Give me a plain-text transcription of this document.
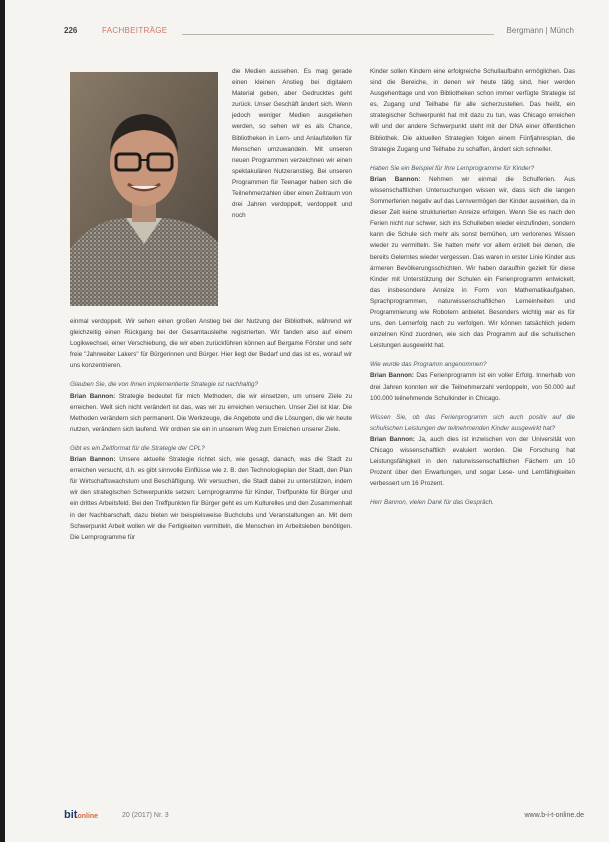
226	FACHBEITRÄGE	Bergmann | Münch

die Medien aussehen. Es mag gerade einen kleinen Anstieg bei digitalem Material geben, aber Gedrucktes geht zurück. Unser Geschäft ändert sich. Wenn jedoch weniger Medien ausgeliehen werden, so sehen wir es als Chance, Bibliotheken in Lern- und Anlaufstellen für Menschen umzuwandeln. Mit unseren neuen Programmen verzeichnen wir einen spektakulären Nutzeranstieg. Bei unseren Programmen für Teenager haben sich die Teilnehmerzahlen über einen Zeitraum von drei Jahren verdoppelt, verdoppelt und noch

einmal verdoppelt. Wir sehen einen großen Anstieg bei der Nutzung der Bibliothek, während wir gleichzeitig einen Rückgang bei der Gesamtausleihe registrierten. Wir fanden also auf einem Logikwechsel, einer Verschiebung, die wir eben zurückführen können auf Bergame Förster und sehr freie "Jahrweiter Lakers" für Bürgerinnen und Bürger. Hier liegt der Bedarf und das ist es, worauf wir uns konzentrieren.

Glauben Sie, die von Ihnen implementierte Strategie ist nachhaltig?

Brian Bannon: Strategie bedeutet für mich Methoden, die wir einsetzen, um unsere Ziele zu erreichen. Welt sich nicht verändert ist das, was wir zu erreichen versuchen. Unser Ziel ist klar. Die Methoden verändern sich permanent. Die Werkzeuge, die Angebote und die Lösungen, die wir heute nutzen, verändern sich laufend. Wir ordnen sie ein in unserem Weg zum Erreichen unserer Ziele.

Gibt es ein Zeitformat für die Strategie der CPL?

Brian Bannon: Unsere aktuelle Strategie richtet sich, wie gesagt, danach, was die Stadt zu erreichen versucht, d.h. es gibt sinnvolle Einflüsse wie z. B. den Technologieplan der Stadt, den Plan für Wirtschaftswachstum und Beschäftigung. Wir versuchen, die Stadt dabei zu unterstützen, indem wir den strategischen Schwerpunkte setzen: Lernprogramme für Kinder, Treffpunkte für Bürger und ein drittes Arbeitsfeld. Bei den Treffpunkten für Bürger geht es um Kulturelles und den Zusammenhalt in der Nachbarschaft, dazu bieten wir beispielsweise Buchclubs und Veranstaltungen an. Mit dem Schwerpunkt Arbeit wollen wir die Fertigkeiten vermitteln, die Menschen im Arbeitsleben benötigen. Die Lernprogramme für

Kinder sollen Kindern eine erfolgreiche Schullaufbahn ermöglichen. Das sind die Bereiche, in denen wir heute tätig sind, hier werden Ausgehenttage und von Bibliotheken schon immer verfügte Strategie ist es, Zugang und Teilhabe für alle sicherzustellen. Das heißt, ein strategischer Schwerpunkt hat mit dazu zu tun, was Chicago erreichen will und der andere Schwerpunkt steht mit der DNA einer öffentlichen Bibliothek. Die aktuellen Strategien folgen einem Fünfjahresplan, die Strategie Zugang und Teilhabe zu schaffen, ändert sich schneller.

Haben Sie ein Beispiel für Ihre Lernprogramme für Kinder?

Brian Bannon: Nehmen wir einmal die Schulferien. Aus wissenschaftlichen Untersuchungen wissen wir, dass sich die langen Sommerferien negativ auf das Lernvermögen der Kinder auswirken, da in dieser Zeit keine strukturierten Anreize erfolgen. Wenn Sie es nach den Ferien nicht nur schwer, sich ins Schulleben wieder einzufinden, sondern kann die Schule sich mehr als sonst bemühen, um verlorenes Wissen wieder zu vermitteln. Sie hatten mehr vor allem erzielt bei denen, die bereits Gelerntes wieder vergessen. Das waren in erster Linie Kinder aus ärmeren Bevölkerungsschichten. Wir haben daraufhin gezielt für diese Kinder mit Unterstützung der Schulen ein Ferienprogramm entwickelt, das insbesondere Anreize in Form von Mathematikaufgaben, Sprachprogrammen, naturwissenschaftlichen Lerneinheiten und Programmierung wie Robotern anbietet. Besonders wichtig war es für uns, den Lernerfolg nach zu verfolgen. Wir können tatsächlich jedem einzelnen Kind zuordnen, wie sich das Programm auf die schulischen Leistungen ausgewirkt hat.

Wie wurde das Programm angenommen?

Brian Bannon: Das Ferienprogramm ist ein voller Erfolg. Innerhalb von drei Jahren konnten wir die Teilnehmerzahl verdoppeln, von 50.000 auf 100.000 teilnehmende Schulkinder in Chicago.

Wissen Sie, ob das Ferienprogramm sich auch positiv auf die schulischen Leistungen der teilnehmenden Kinder ausgewirkt hat?

Brian Bannon: Ja, auch dies ist inzwischen von der Universität von Chicago wissenschaftlich evaluiert worden. Die Forschung hat Leistungsfähigkeit in den naturwissenschaftlichen Fächern um 10 Prozent über den Erwartungen, und sogar Lese- und Lernfähigkeiten verbessert um 16 Prozent.

Herr Bannon, vielen Dank für das Gespräch.

bitonline	20 (2017) Nr. 3	www.b-i-t-online.de
